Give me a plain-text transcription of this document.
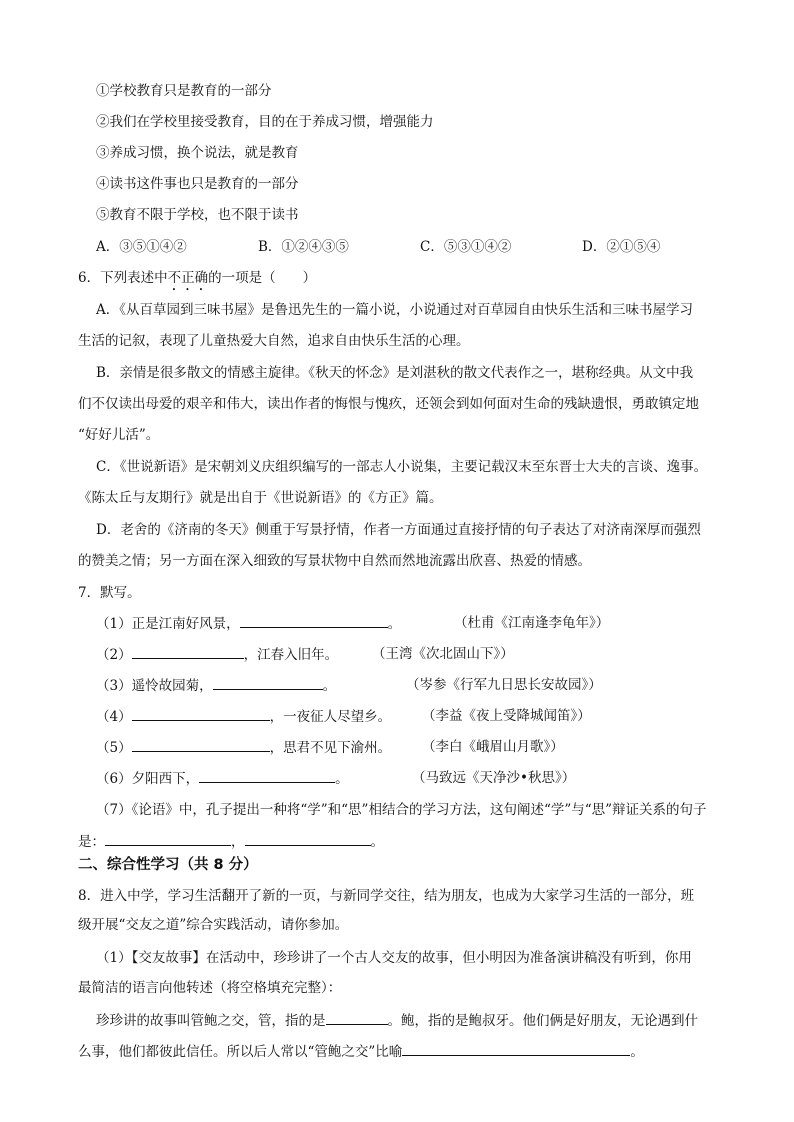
①学校教育只是教育的一部分
②我们在学校里接受教育，目的在于养成习惯，增强能力
③养成习惯，换个说法，就是教育
④读书这件事也只是教育的一部分
⑤教育不限于学校，也不限于读书
A．③⑤①④②	B．①②④③⑤	C．⑤③①④②	D．②①⑤④
6．下列表述中不正确的一项是（　　）
A．《从百草园到三味书屋》是鲁迅先生的一篇小说，小说通过对百草园自由快乐生活和三味书屋学习
生活的记叙，表现了儿童热爱大自然，追求自由快乐生活的心理。
B．亲情是很多散文的情感主旋律。《秋天的怀念》是刘湛秋的散文代表作之一，堪称经典。从文中我
们不仅读出母爱的艰辛和伟大，读出作者的悔恨与愧疚，还领会到如何面对生命的残缺遗恨，勇敢镇定地
“好好儿活”。
C．《世说新语》是宋朝刘义庆组织编写的一部志人小说集，主要记载汉末至东晋士大夫的言谈、逸事。
《陈太丘与友期行》就是出自于《世说新语》的《方正》篇。
D．老舍的《济南的冬天》侧重于写景抒情，作者一方面通过直接抒情的句子表达了对济南深厚而强烈
的赞美之情；另一方面在深入细致的写景状物中自然而然地流露出欣喜、热爱的情感。
7．默写。
（1）正是江南好风景，	。	（杜甫《江南逢李龟年》）
（2）	，江春入旧年。	（王湾《次北固山下》）
（3）遥怜故园菊，	。	（岑参《行军九日思长安故园》）
（4）	，一夜征人尽望乡。 （李益《夜上受降城闻笛》）
（5）	，思君不见下渝州。 （李白《峨眉山月歌》）
（6）夕阳西下，	。	（马致远《天净沙•秋思》）
（7）《论语》中，孔子提出一种将“学”和“思”相结合的学习方法，这句阐述“学”与“思”辩证关系的句子
是：	，	。
二、综合性学习（共 8 分）
8．进入中学，学习生活翻开了新的一页，与新同学交往，结为朋友，也成为大家学习生活的一部分，班
级开展“交友之道”综合实践活动，请你参加。
（1）【交友故事】在活动中，珍珍讲了一个古人交友的故事，但小明因为准备演讲稿没有听到，你用
最简洁的语言向他转述（将空格填充完整）：
珍珍讲的故事叫管鲍之交，管，指的是	。鲍，指的是鲍叔牙。他们俩是好朋友，无论遇到什
么事，他们都彼此信任。所以后人常以“管鲍之交”比喻	。
